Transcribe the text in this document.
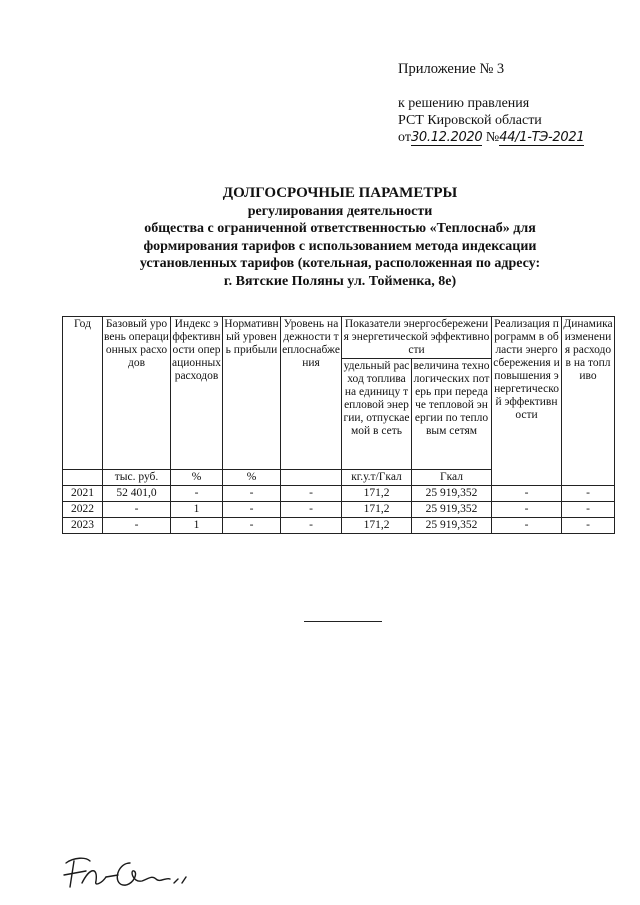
Приложение № 3
к решению правления
РСТ Кировской области
от30.12.2020 №44/1-ТЭ-2021
ДОЛГОСРОЧНЫЕ ПАРАМЕТРЫ
регулирования деятельности
общества с ограниченной ответственностью «Теплоснаб» для
формирования тарифов с использованием метода индексации
установленных тарифов (котельная, расположенная по адресу:
г. Вятские Поляны ул. Тойменка, 8е)
Год	Базовый уровень операционных расходов	Индекс эффективности операционных расходов	Нормативный уровень прибыли	Уровень надежности теплоснабжения	Показатели энергосбережения энергетической эффективности		Реализация программ в области энергосбережения и повышения энергетической эффективности	Динамика изменения расходов на топливо
					удельный расход топлива на единицу тепловой энергии, отпускаемой в сеть	величина технологических потерь при передаче тепловой энергии по тепловым сетям		
	тыс. руб.	%	%		кг.у.т/Гкал	Гкал		
2021	52 401,0	-	-	-	171,2	25 919,352	-	-
2022	-	1	-	-	171,2	25 919,352	-	-
2023	-	1	-	-	171,2	25 919,352	-	-
